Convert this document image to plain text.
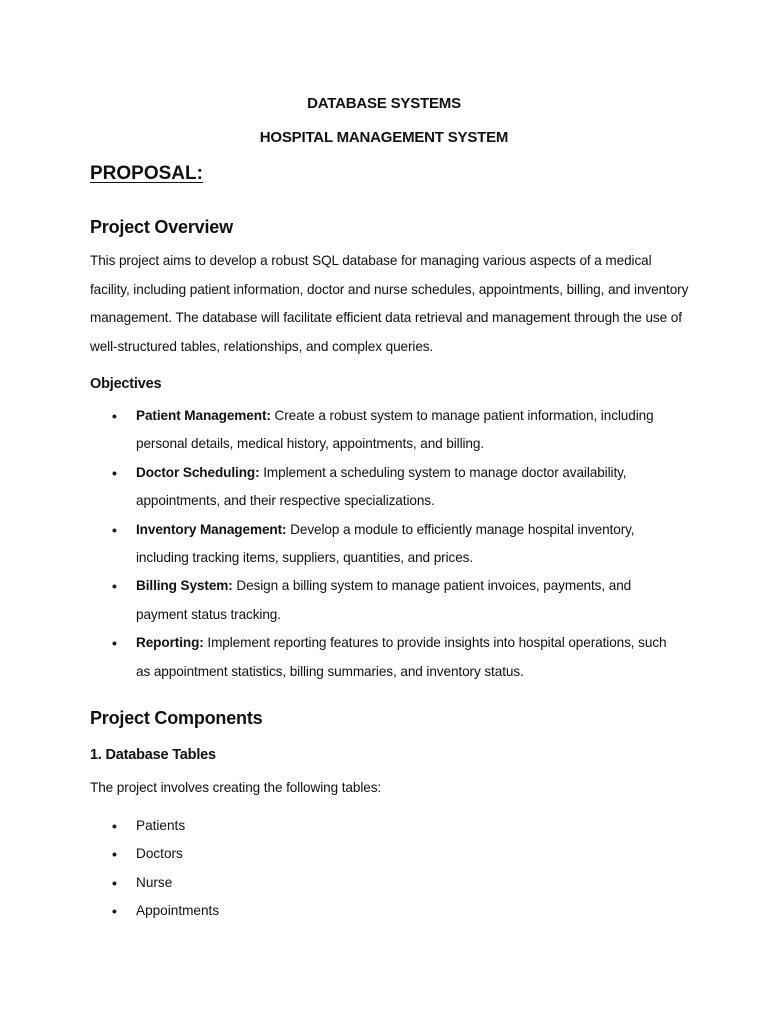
DATABASE SYSTEMS
HOSPITAL MANAGEMENT SYSTEM
PROPOSAL:
Project Overview
This project aims to develop a robust SQL database for managing various aspects of a medical facility, including patient information, doctor and nurse schedules, appointments, billing, and inventory management. The database will facilitate efficient data retrieval and management through the use of well-structured tables, relationships, and complex queries.
Objectives
• Patient Management: Create a robust system to manage patient information, including personal details, medical history, appointments, and billing.
• Doctor Scheduling: Implement a scheduling system to manage doctor availability, appointments, and their respective specializations.
• Inventory Management: Develop a module to efficiently manage hospital inventory, including tracking items, suppliers, quantities, and prices.
• Billing System: Design a billing system to manage patient invoices, payments, and payment status tracking.
• Reporting: Implement reporting features to provide insights into hospital operations, such as appointment statistics, billing summaries, and inventory status.
Project Components
1. Database Tables
The project involves creating the following tables:
• Patients
• Doctors
• Nurse
• Appointments
